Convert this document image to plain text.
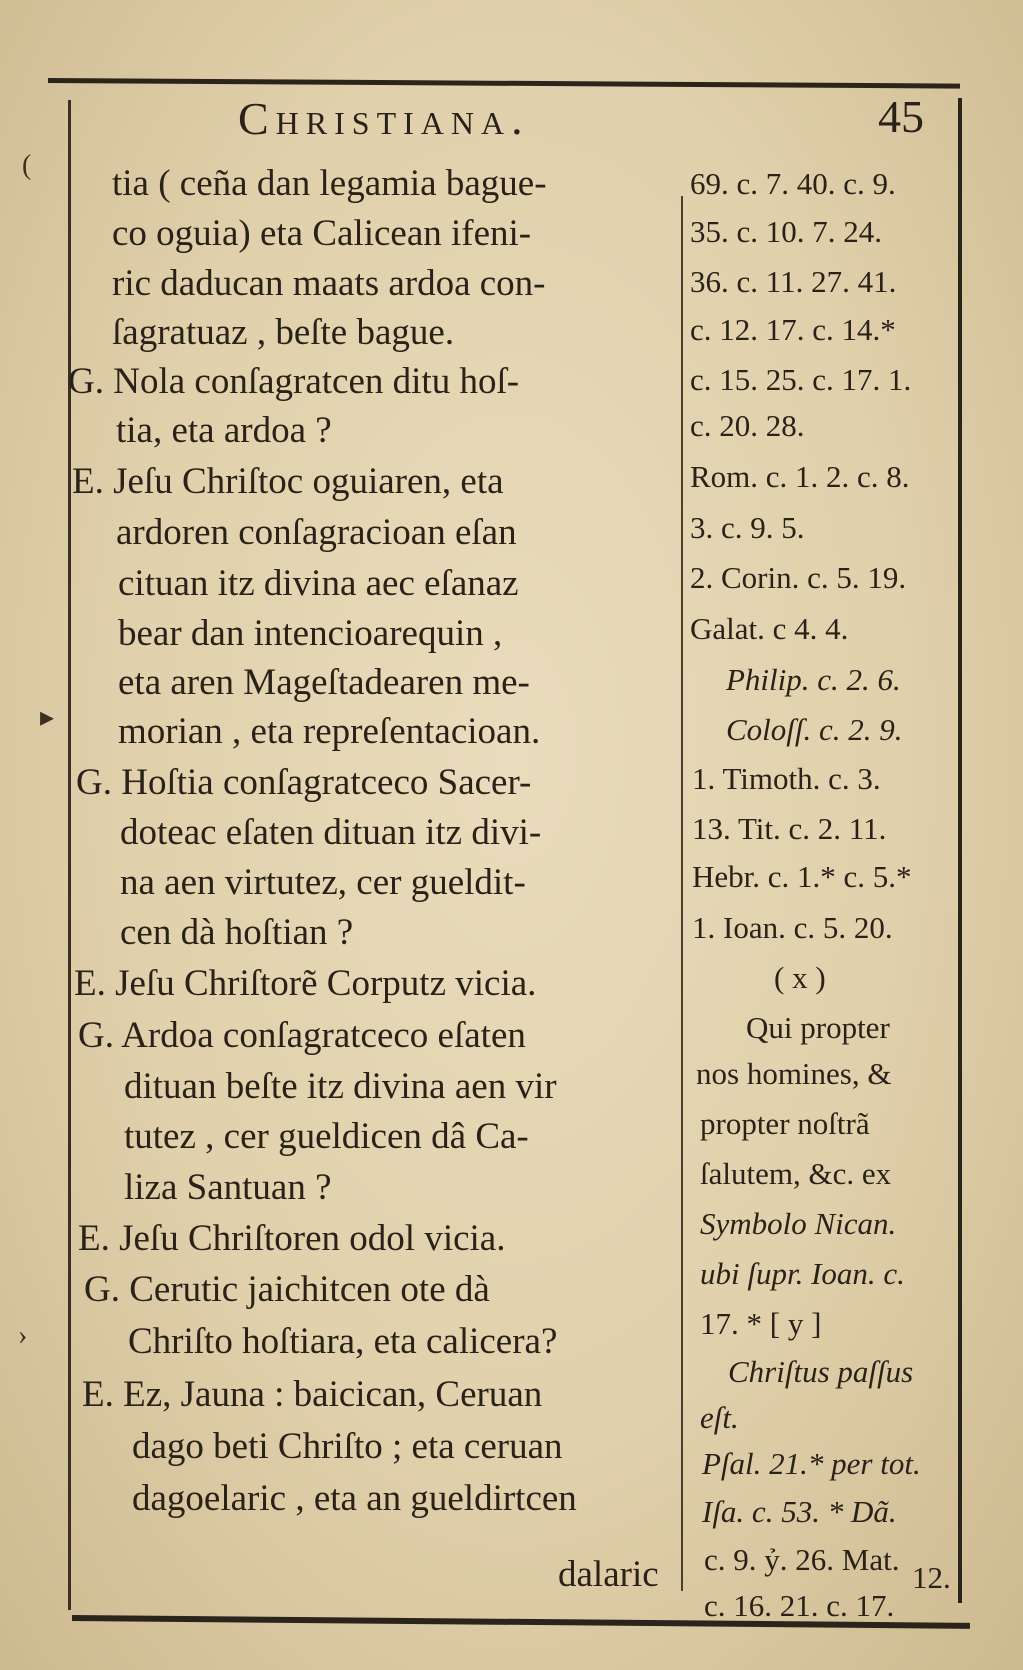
Christiana.	45
(
▸
›
tia ( ceña dan legamia bague-
co oguia) eta Calicean ifeni-
ric daducan maats ardoa con-
ſagratuaz , beſte bague.
G. Nola conſagratcen ditu hoſ-
tia, eta ardoa ?
E. Jeſu Chriſtoc oguiaren, eta
ardoren conſagracioan eſan
cituan itz divina aec eſanaz
bear dan intencioarequin ,
eta aren Mageſtadearen me-
morian , eta repreſentacioan.
G. Hoſtia conſagratceco Sacer-
doteac eſaten dituan itz divi-
na aen virtutez, cer gueldit-
cen dà hoſtian ?
E. Jeſu Chriſtorẽ Corputz vicia.
G. Ardoa conſagratceco eſaten
dituan beſte itz divina aen vir
tutez , cer gueldicen dâ Ca-
liza Santuan ?
E. Jeſu Chriſtoren odol vicia.
G. Cerutic jaichitcen ote dà
Chriſto hoſtiara, eta calicera?
E. Ez, Jauna : baicican, Ceruan
dago beti Chriſto ; eta ceruan
dagoelaric , eta an gueldirtcen
dalaric
69. c. 7. 40. c. 9.
35. c. 10. 7. 24.
36. c. 11. 27. 41.
c. 12. 17. c. 14.*
c. 15. 25. c. 17. 1.
c. 20. 28.
Rom. c. 1. 2. c. 8.
3. c. 9. 5.
2. Corin. c. 5. 19.
Galat. c 4. 4.
Philip. c. 2. 6.
Coloſſ. c. 2. 9.
1. Timoth. c. 3.
13. Tit. c. 2. 11.
Hebr. c. 1.* c. 5.*
1. Ioan. c. 5. 20.
( x )
Qui propter
nos homines, &
propter noſtrã
ſalutem, &c. ex
Symbolo Nican.
ubi ſupr. Ioan. c.
17. * [ y ]
Chriſtus paſſus
eſt.
Pſal. 21.* per tot.
Iſa. c. 53. * Dã.
c. 9. ỷ. 26. Mat.
c. 16. 21. c. 17.
12.
